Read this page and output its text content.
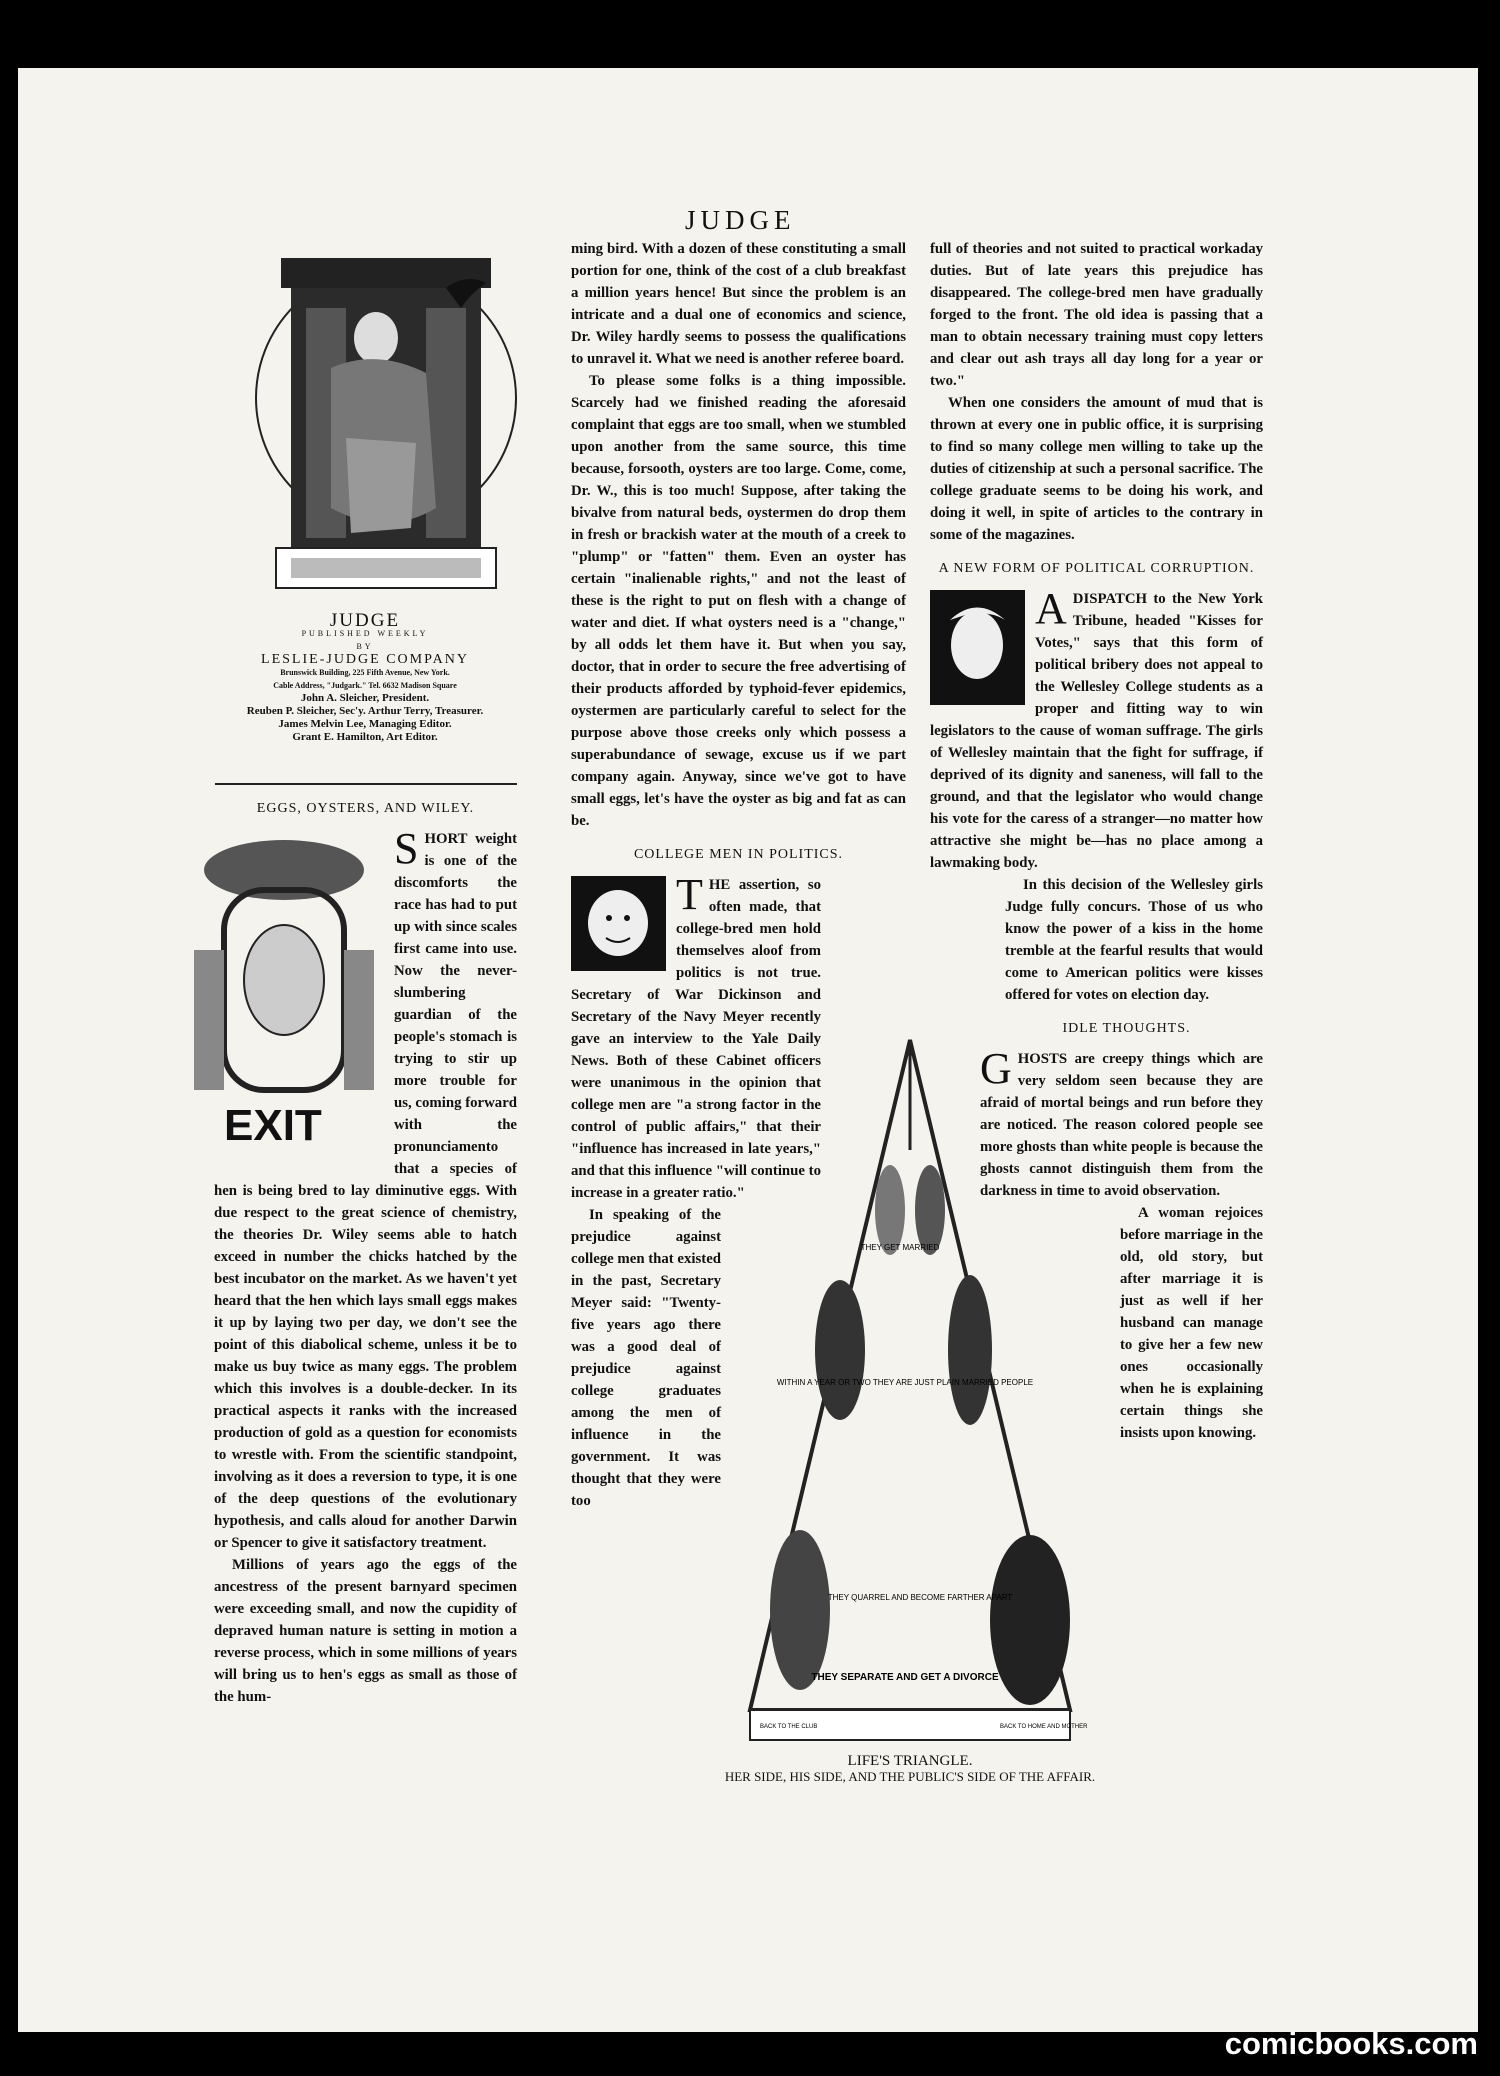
JUDGE
JUDGE
PUBLISHED WEEKLY
BY
LESLIE-JUDGE COMPANY
Brunswick Building, 225 Fifth Avenue, New York.
Cable Address, "Judgark." Tel. 6632 Madison Square
John A. Sleicher, President.
Reuben P. Sleicher, Sec'y. Arthur Terry, Treasurer.
James Melvin Lee, Managing Editor.
Grant E. Hamilton, Art Editor.
EGGS, OYSTERS, AND WILEY.
EXIT

SHORT weight is one of the discomforts the race has had to put up with since scales first came into use. Now the never-slumbering guardian of the people's stomach is trying to stir up more trouble for us, coming forward with the pronunciamento that a species of hen is being bred to lay diminutive eggs. With due respect to the great science of chemistry, the theories Dr. Wiley seems able to hatch exceed in number the chicks hatched by the best incubator on the market. As we haven't yet heard that the hen which lays small eggs makes it up by laying two per day, we don't see the point of this diabolical scheme, unless it be to make us buy twice as many eggs. The problem which this involves is a double-decker. In its practical aspects it ranks with the increased production of gold as a question for economists to wrestle with. From the scientific standpoint, involving as it does a reversion to type, it is one of the deep questions of the evolutionary hypothesis, and calls aloud for another Darwin or Spencer to give it satisfactory treatment.

Millions of years ago the eggs of the ancestress of the present barnyard specimen were exceeding small, and now the cupidity of depraved human nature is setting in motion a reverse process, which in some millions of years will bring us to hen's eggs as small as those of the hum-

ming bird. With a dozen of these constituting a small portion for one, think of the cost of a club breakfast a million years hence! But since the problem is an intricate and a dual one of economics and science, Dr. Wiley hardly seems to possess the qualifications to unravel it. What we need is another referee board.

To please some folks is a thing impossible. Scarcely had we finished reading the aforesaid complaint that eggs are too small, when we stumbled upon another from the same source, this time because, forsooth, oysters are too large. Come, come, Dr. W., this is too much! Suppose, after taking the bivalve from natural beds, oystermen do drop them in fresh or brackish water at the mouth of a creek to "plump" or "fatten" them. Even an oyster has certain "inalienable rights," and not the least of these is the right to put on flesh with a change of water and diet. If what oysters need is a "change," by all odds let them have it. But when you say, doctor, that in order to secure the free advertising of their products afforded by typhoid-fever epidemics, oystermen are particularly careful to select for the purpose above those creeks only which possess a superabundance of sewage, excuse us if we part company again. Anyway, since we've got to have small eggs, let's have the oyster as big and fat as can be.

COLLEGE MEN IN POLITICS.

THE assertion, so often made, that college-bred men hold themselves aloof from politics is not true. Secretary of War Dickinson and Secretary of the Navy Meyer recently gave an interview to the Yale Daily News. Both of these Cabinet officers were unanimous in the opinion that college men are "a strong factor in the control of public affairs," that their "influence has increased in late years," and that this influence "will continue to increase in a greater ratio."

In speaking of the prejudice against college men that existed in the past, Secretary Meyer said: "Twenty-five years ago there was a good deal of prejudice against college graduates among the men of influence in the government. It was thought that they were too

full of theories and not suited to practical workaday duties. But of late years this prejudice has disappeared. The college-bred men have gradually forged to the front. The old idea is passing that a man to obtain necessary training must copy letters and clear out ash trays all day long for a year or two."

When one considers the amount of mud that is thrown at every one in public office, it is surprising to find so many college men willing to take up the duties of citizenship at such a personal sacrifice. The college graduate seems to be doing his work, and doing it well, in spite of articles to the contrary in some of the magazines.

A NEW FORM OF POLITICAL CORRUPTION.

ADISPATCH to the New York Tribune, headed "Kisses for Votes," says that this form of political bribery does not appeal to the Wellesley College students as a proper and fitting way to win legislators to the cause of woman suffrage. The girls of Wellesley maintain that the fight for suffrage, if deprived of its dignity and saneness, will fall to the ground, and that the legislator who would change his vote for the caress of a stranger—no matter how attractive she might be—has no place among a lawmaking body.

In this decision of the Wellesley girls Judge fully concurs. Those of us who know the power of a kiss in the home tremble at the fearful results that would come to American politics were kisses offered for votes on election day.

IDLE THOUGHTS.

GHOSTS are creepy things which are very seldom seen because they are afraid of mortal beings and run before they are noticed. The reason colored people see more ghosts than white people is because the ghosts cannot distinguish them from the darkness in time to avoid observation.

A woman rejoices before marriage in the old, old story, but after marriage it is just as well if her husband can manage to give her a few new ones occasionally when he is explaining certain things she insists upon knowing.

THEY GET MARRIED
WITHIN A YEAR OR TWO THEY ARE JUST PLAIN MARRIED PEOPLE
THEY QUARREL AND BECOME FARTHER APART
THEY SEPARATE AND GET A DIVORCE
BACK TO THE CLUB	BACK TO HOME AND MOTHER
LIFE'S TRIANGLE.
HER SIDE, HIS SIDE, AND THE PUBLIC'S SIDE OF THE AFFAIR.
comicbooks.com
